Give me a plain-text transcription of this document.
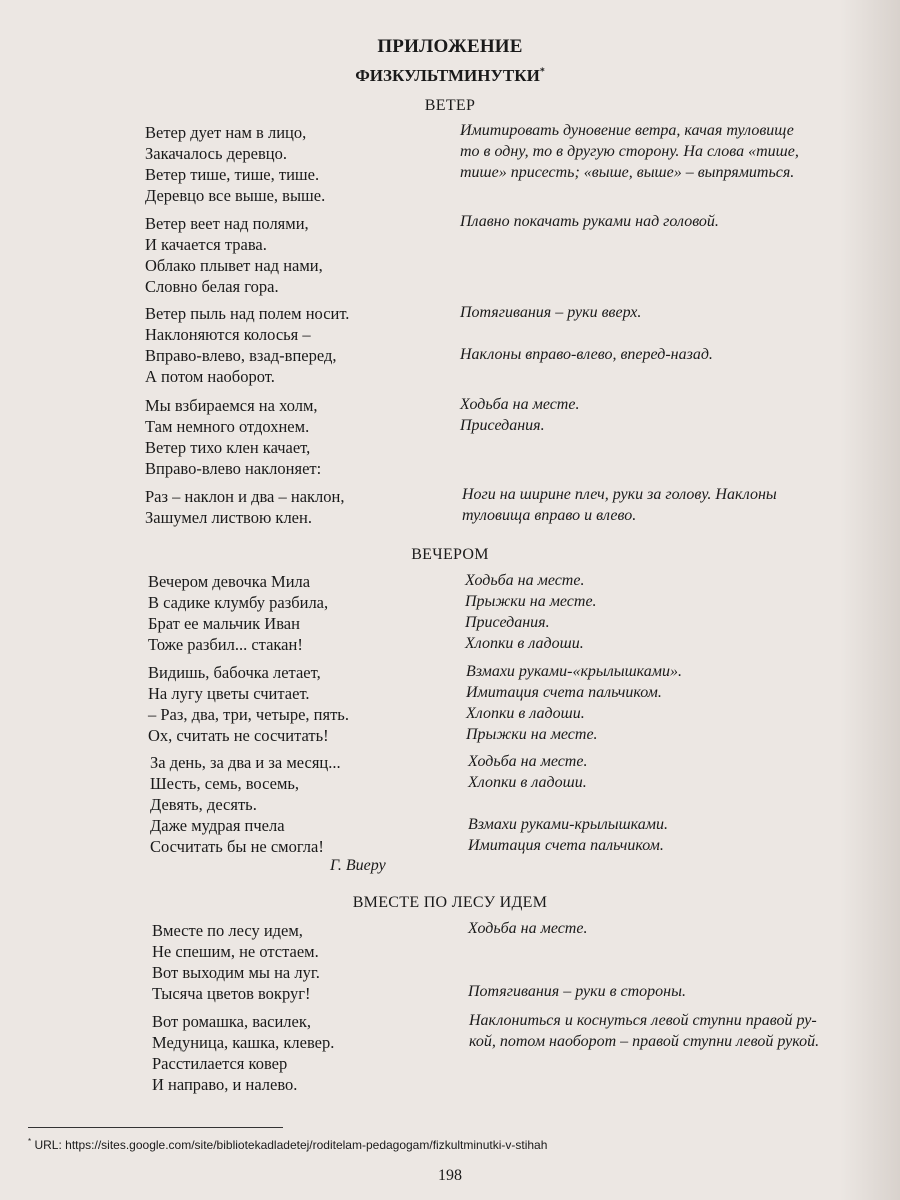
ПРИЛОЖЕНИЕ
ФИЗКУЛЬТМИНУТКИ*
ВЕТЕР
Ветер дует нам в лицо,
Закачалось деревцо.
Ветер тише, тише, тише.
Деревцо все выше, выше.
Имитировать дуновение ветра, качая туловище
то в одну, то в другую сторону. На слова «тише,
тише» присесть; «выше, выше» – выпрямиться.
Ветер веет над полями,
И качается трава.
Облако плывет над нами,
Словно белая гора.
Плавно покачать руками над головой.
Ветер пыль над полем носит.
Наклоняются колосья –
Вправо-влево, взад-вперед,
А потом наоборот.
Потягивания – руки вверх.
Наклоны вправо-влево, вперед-назад.
Мы взбираемся на холм,
Там немного отдохнем.
Ветер тихо клен качает,
Вправо-влево наклоняет:
Ходьба на месте.
Приседания.
Раз – наклон и два – наклон,
Зашумел листвою клен.
Ноги на ширине плеч, руки за голову. Наклоны
туловища вправо и влево.
ВЕЧЕРОМ
Вечером девочка Мила
В садике клумбу разбила,
Брат ее мальчик Иван
Тоже разбил... стакан!
Ходьба на месте.
Прыжки на месте.
Приседания.
Хлопки в ладоши.
Видишь, бабочка летает,
На лугу цветы считает.
– Раз, два, три, четыре, пять.
Ох, считать не сосчитать!
Взмахи руками-«крылышками».
Имитация счета пальчиком.
Хлопки в ладоши.
Прыжки на месте.
За день, за два и за месяц...
Шесть, семь, восемь,
Девять, десять.
Даже мудрая пчела
Сосчитать бы не смогла!
Ходьба на месте.
Хлопки в ладоши.
Взмахи руками-крылышками.
Имитация счета пальчиком.
Г. Виеру
ВМЕСТЕ ПО ЛЕСУ ИДЕМ
Вместе по лесу идем,
Не спешим, не отстаем.
Вот выходим мы на луг.
Тысяча цветов вокруг!
Ходьба на месте.
Потягивания – руки в стороны.
Вот ромашка, василек,
Медуница, кашка, клевер.
Расстилается ковер
И направо, и налево.
Наклониться и коснуться левой ступни правой ру-
кой, потом наоборот – правой ступни левой рукой.
* URL: https://sites.google.com/site/bibliotekadladetej/roditelam-pedagogam/fizkultminutki-v-stihah
198
